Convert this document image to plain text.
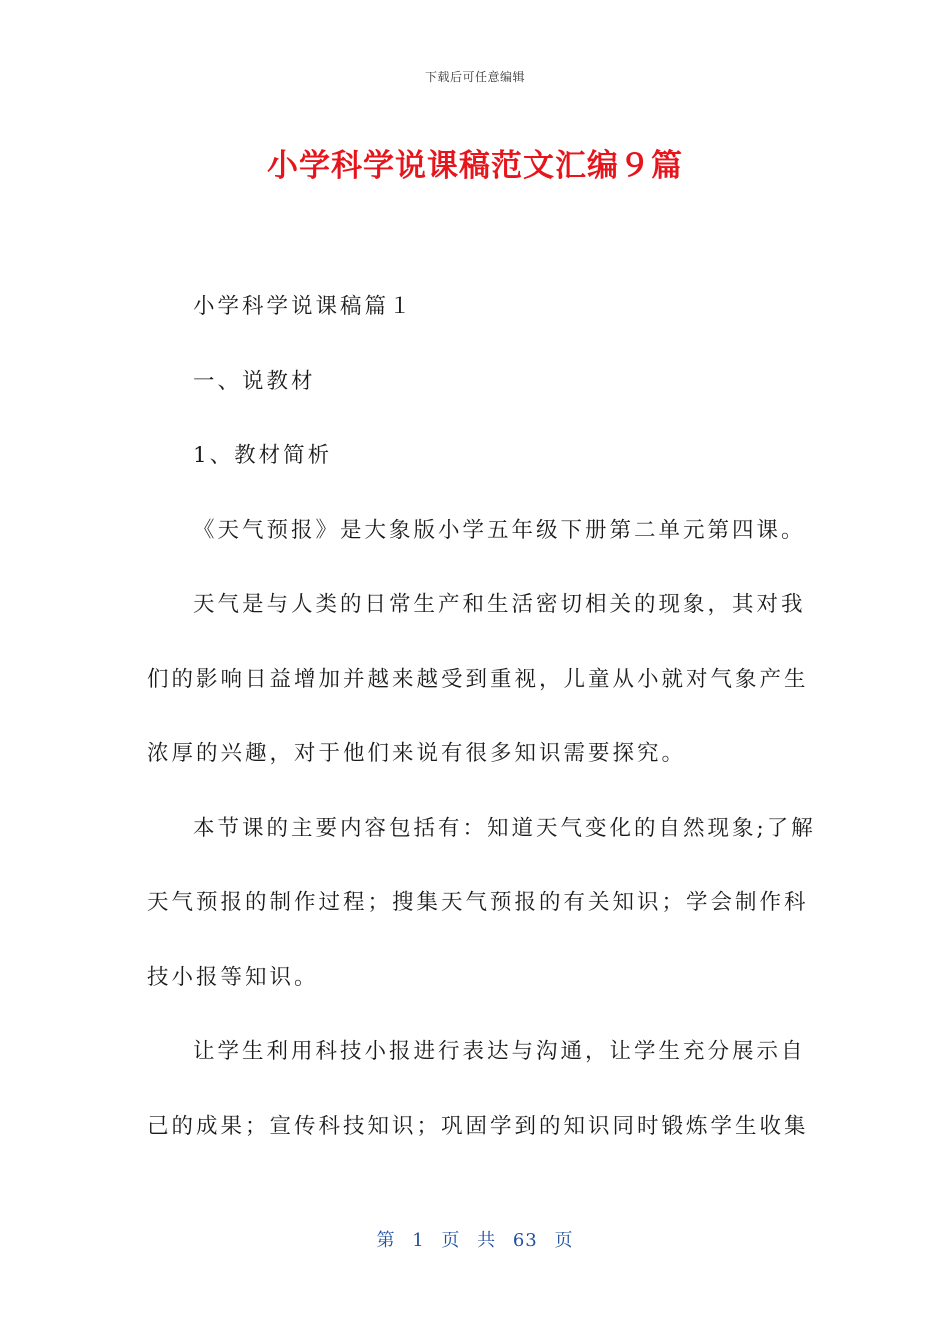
下载后可任意编辑
小学科学说课稿范文汇编９篇

小学科学说课稿篇１

一、说教材

1、教材简析

《天气预报》是大象版小学五年级下册第二单元第四课。

天气是与人类的日常生产和生活密切相关的现象，其对我

们的影响日益增加并越来越受到重视，儿童从小就对气象产生

浓厚的兴趣，对于他们来说有很多知识需要探究。

本节课的主要内容包括有：知道天气变化的自然现象;了解

天气预报的制作过程；搜集天气预报的有关知识；学会制作科

技小报等知识。

让学生利用科技小报进行表达与沟通，让学生充分展示自

己的成果；宣传科技知识；巩固学到的知识同时锻炼学生收集

第 1 页 共 63 页
